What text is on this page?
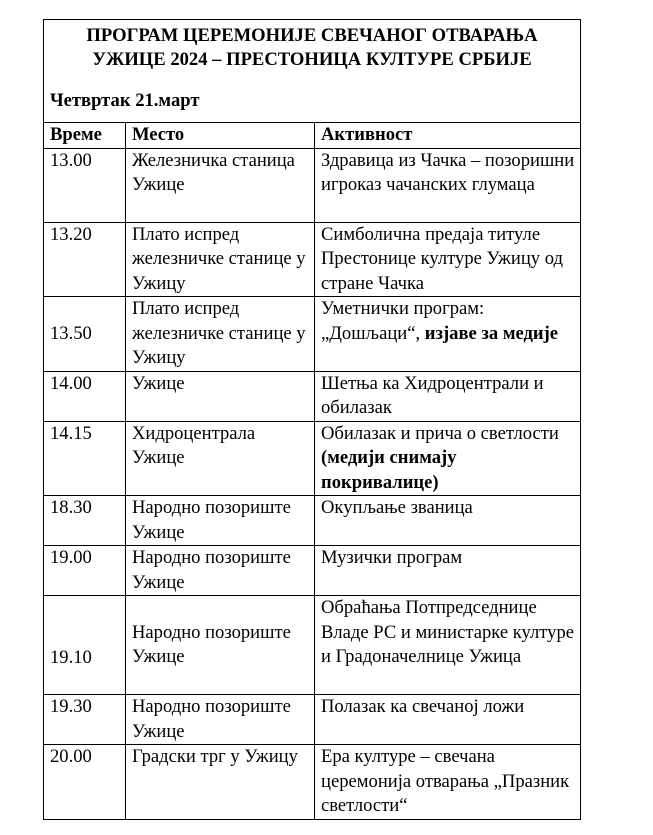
ПРОГРАМ ЦЕРЕМОНИЈЕ СВЕЧАНОГ ОТВАРАЊА
УЖИЦЕ 2024 – ПРЕСТОНИЦА КУЛТУРЕ СРБИЈЕ

Четвртак 21.март		

Време	Место	Активност
13.00	Железничка станица Ужице	Здравица из Чачка – позоришни игроказ чачанских глумаца
13.20	Плато испред железничке станице у Ужицу	Симболична предаја титуле Престонице културе Ужицу од стране Чачка
13.50	Плато испред железничке станице у Ужицу	Уметнички програм: „Дошљаци“, изјаве за медије
14.00	Ужице	Шетња ка Хидроцентрали и обилазак
14.15	Хидроцентрала Ужице	Обилазак и прича о светлости (медији снимају покривалице)
18.30	Народно позориште Ужице	Окупљање званица
19.00	Народно позориште Ужице	Музички програм
19.10	Народно позориште Ужице	Обраћања Потпредседнице Владе РС и министарке културе и Градоначелнице Ужица
19.30	Народно позориште Ужице	Полазак ка свечаној ложи
20.00	Градски трг у Ужицу	Ера културе – свечана церемонија отварања „Празник светлости“
